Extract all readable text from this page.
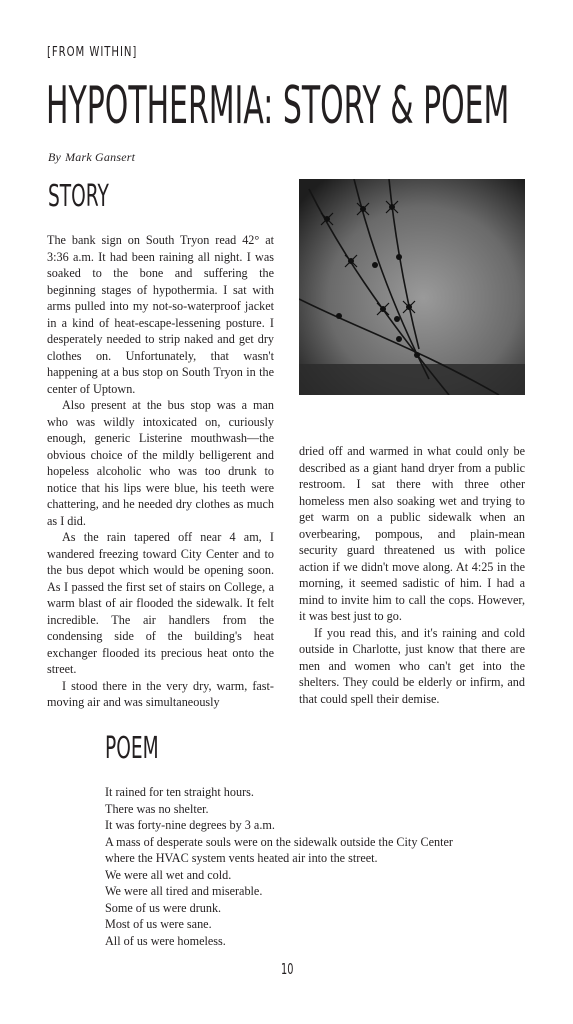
[FROM WITHIN]
HYPOTHERMIA: STORY & POEM
By Mark Gansert
STORY

The bank sign on South Tryon read 42° at 3:36 a.m. It had been raining all night. I was soaked to the bone and suffering the beginning stages of hypothermia. I sat with arms pulled into my not-so-waterproof jacket in a kind of heat-escape-lessening posture. I desperately needed to strip naked and get dry clothes on. Unfortunately, that wasn't happening at a bus stop on South Tryon in the center of Uptown.

Also present at the bus stop was a man who was wildly intoxicated on, curiously enough, generic Listerine mouthwash—the obvious choice of the mildly belligerent and hopeless alcoholic who was too drunk to notice that his lips were blue, his teeth were chattering, and he needed dry clothes as much as I did.

As the rain tapered off near 4 am, I wandered freezing toward City Center and to the bus depot which would be opening soon. As I passed the first set of stairs on College, a warm blast of air flooded the sidewalk. It felt incredible. The air handlers from the condensing side of the building's heat exchanger flooded its precious heat onto the street.

I stood there in the very dry, warm, fast-moving air and was simultaneously

dried off and warmed in what could only be described as a giant hand dryer from a public restroom. I sat there with three other homeless men also soaking wet and trying to get warm on a public sidewalk when an overbearing, pompous, and plain-mean security guard threatened us with police action if we didn't move along. At 4:25 in the morning, it seemed sadistic of him. I had a mind to invite him to call the cops. However, it was best just to go.

If you read this, and it's raining and cold outside in Charlotte, just know that there are men and women who can't get into the shelters. They could be elderly or infirm, and that could spell their demise.

POEM
It rained for ten straight hours.
There was no shelter.
It was forty-nine degrees by 3 a.m.
A mass of desperate souls were on the sidewalk outside the City Center
where the HVAC system vents heated air into the street.
We were all wet and cold.
We were all tired and miserable.
Some of us were drunk.
Most of us were sane.
All of us were homeless.
10
